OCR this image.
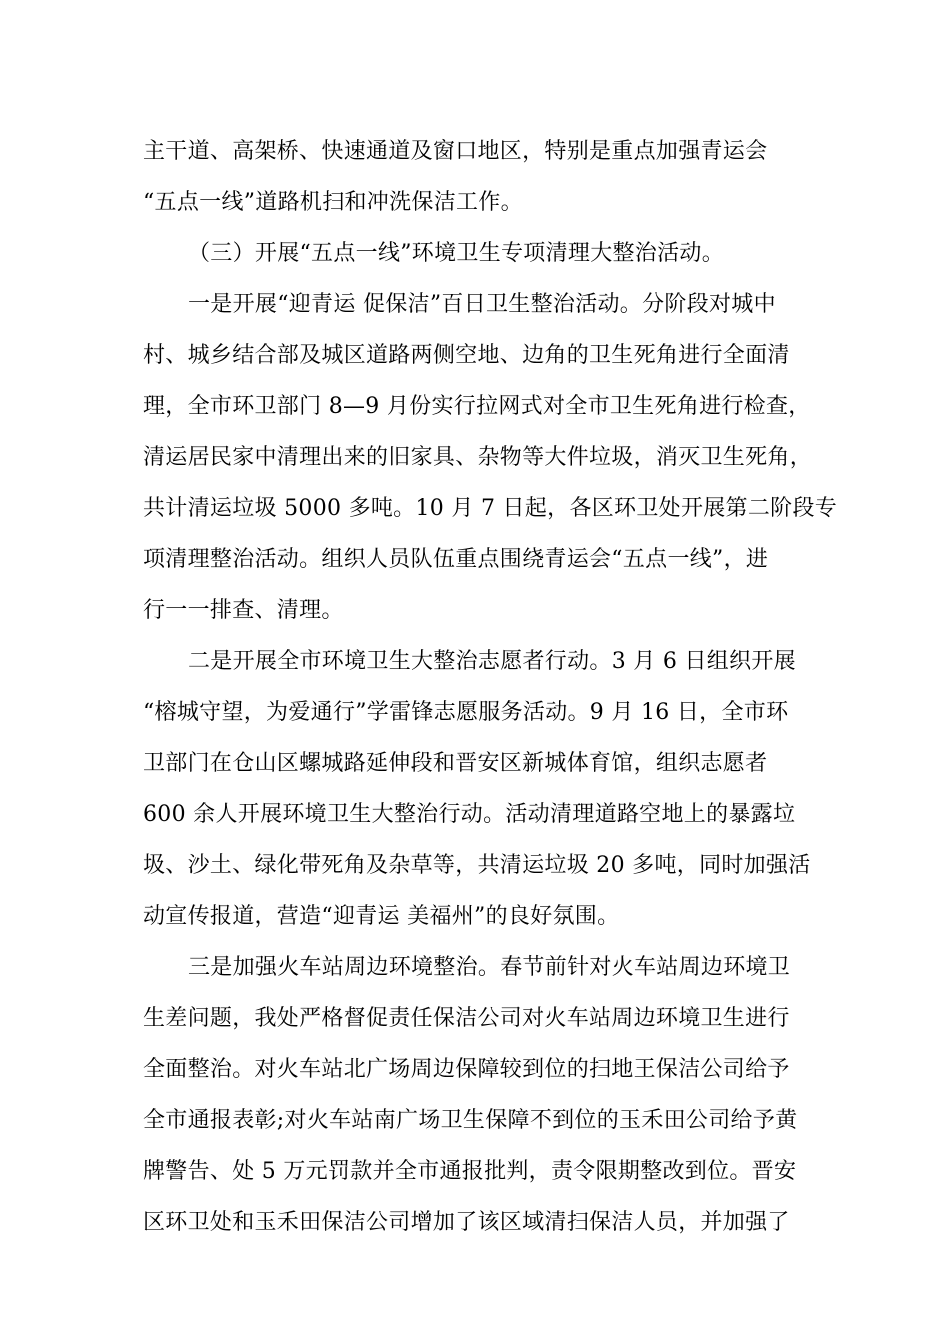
主干道、高架桥、快速通道及窗口地区，特别是重点加强青运会
“五点一线”道路机扫和冲洗保洁工作。
（三）开展“五点一线”环境卫生专项清理大整治活动。
一是开展“迎青运 促保洁”百日卫生整治活动。分阶段对城中
村、城乡结合部及城区道路两侧空地、边角的卫生死角进行全面清
理，全市环卫部门 8—9 月份实行拉网式对全市卫生死角进行检查，
清运居民家中清理出来的旧家具、杂物等大件垃圾，消灭卫生死角，
共计清运垃圾 5000 多吨。10 月 7 日起，各区环卫处开展第二阶段专
项清理整治活动。组织人员队伍重点围绕青运会“五点一线”，进
行一一排查、清理。
二是开展全市环境卫生大整治志愿者行动。3 月 6 日组织开展
“榕城守望，为爱通行”学雷锋志愿服务活动。9 月 16 日，全市环
卫部门在仓山区螺城路延伸段和晋安区新城体育馆，组织志愿者
600 余人开展环境卫生大整治行动。活动清理道路空地上的暴露垃
圾、沙土、绿化带死角及杂草等，共清运垃圾 20 多吨，同时加强活
动宣传报道，营造“迎青运 美福州”的良好氛围。
三是加强火车站周边环境整治。春节前针对火车站周边环境卫
生差问题，我处严格督促责任保洁公司对火车站周边环境卫生进行
全面整治。对火车站北广场周边保障较到位的扫地王保洁公司给予
全市通报表彰;对火车站南广场卫生保障不到位的玉禾田公司给予黄
牌警告、处 5 万元罚款并全市通报批判，责令限期整改到位。晋安
区环卫处和玉禾田保洁公司增加了该区域清扫保洁人员，并加强了
